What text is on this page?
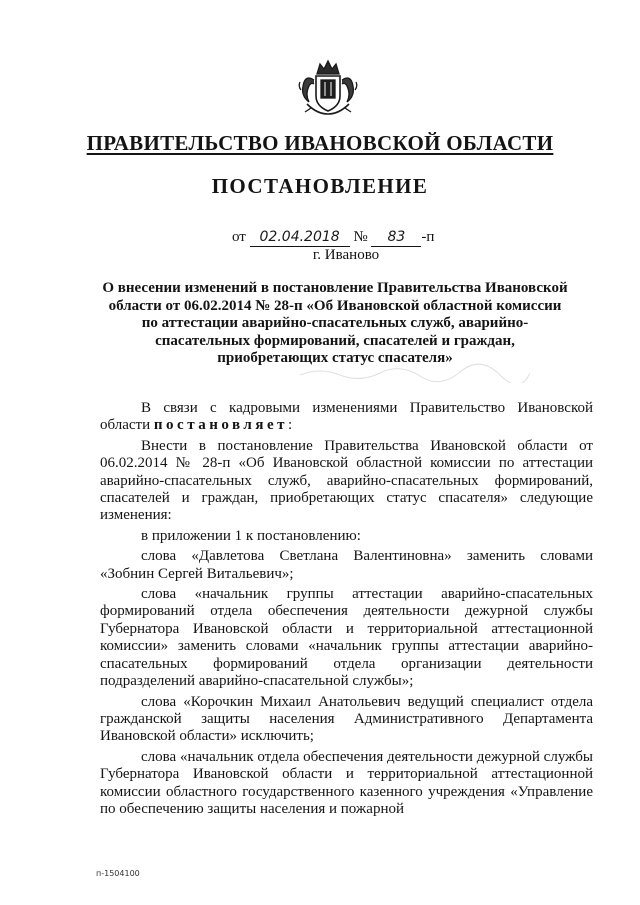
ПРАВИТЕЛЬСТВО ИВАНОВСКОЙ ОБЛАСТИ
ПОСТАНОВЛЕНИЕ
от 02.04.2018 № 83 -п
г. Иваново
О внесении изменений в постановление Правительства Ивановской области от 06.02.2014 № 28-п «Об Ивановской областной комиссии по аттестации аварийно-спасательных служб, аварийно-спасательных формирований, спасателей и граждан, приобретающих статус спасателя»

В связи с кадровыми изменениями Правительство Ивановской области постановляет:

Внести в постановление Правительства Ивановской области от 06.02.2014 № 28-п «Об Ивановской областной комиссии по аттестации аварийно-спасательных служб, аварийно-спасательных формирований, спасателей и граждан, приобретающих статус спасателя» следующие изменения:

в приложении 1 к постановлению:

слова «Давлетова Светлана Валентиновна» заменить словами «Зобнин Сергей Витальевич»;

слова «начальник группы аттестации аварийно-спасательных формирований отдела обеспечения деятельности дежурной службы Губернатора Ивановской области и территориальной аттестационной комиссии» заменить словами «начальник группы аттестации аварийно-спасательных формирований отдела организации деятельности подразделений аварийно-спасательной службы»;

слова «Корочкин Михаил Анатольевич ведущий специалист отдела гражданской защиты населения Административного Департамента Ивановской области» исключить;

слова «начальник отдела обеспечения деятельности дежурной службы Губернатора Ивановской области и территориальной аттестационной комиссии областного государственного казенного учреждения «Управление по обеспечению защиты населения и пожарной

п-1504100
